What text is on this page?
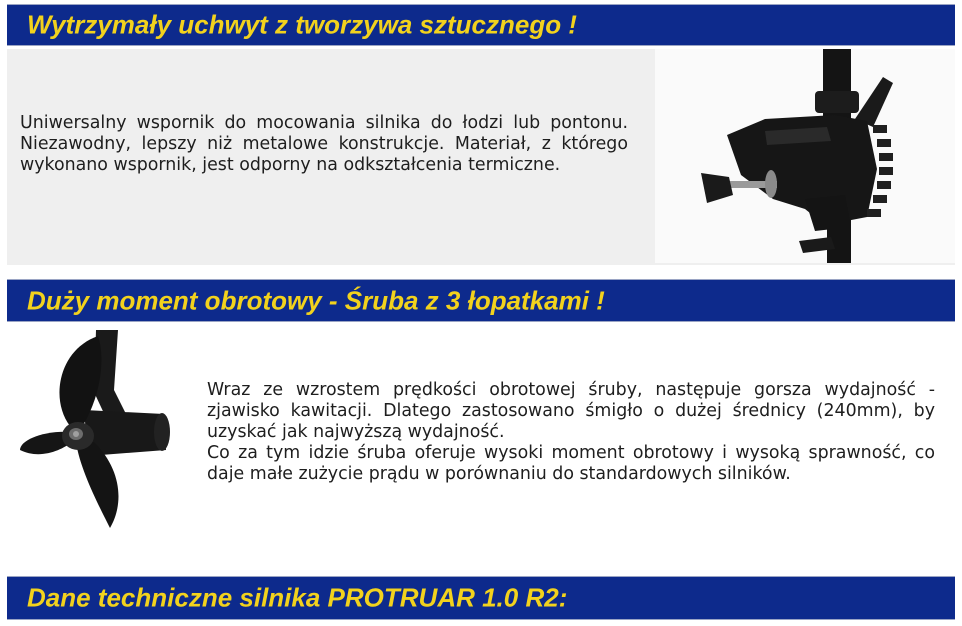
Wytrzymały uchwyt z tworzywa sztucznego !

Uniwersalny wspornik do mocowania silnika do łodzi lub pontonu. Niezawodny, lepszy niż metalowe konstrukcje. Materiał, z którego wykonano wspornik, jest odporny na odkształcenia termiczne.

Duży moment obrotowy - Śruba z 3 łopatkami !

Wraz ze wzrostem prędkości obrotowej śruby, następuje gorsza wydajność - zjawisko kawitacji. Dlatego zastosowano śmigło o dużej średnicy (240mm), by uzyskać jak najwyższą wydajność.

Co za tym idzie śruba oferuje wysoki moment obrotowy i wysoką sprawność, co daje małe zużycie prądu w porównaniu do standardowych silników.

Dane techniczne silnika PROTRUAR 1.0 R2:
